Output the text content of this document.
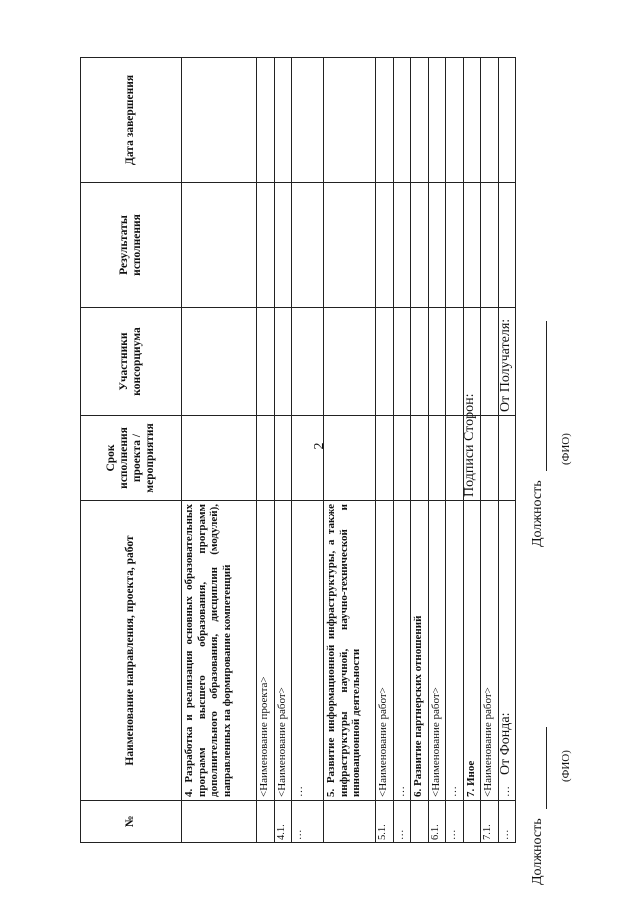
2
№	Наименование направления, проекта, работ	Срок исполнения проекта / мероприятия	Участники консорциума	Результаты исполнения	Дата завершения
	4. Разработка и реализация основных образовательных программ высшего образования, программ дополнительного образования, дисциплин (модулей), направленных на формирование компетенций				
	<Наименование проекта>				
4.1.	<Наименование работ>				
…	…				
	5. Развитие информационной инфраструктуры, а также инфраструктуры научной, научно-технической и инновационной деятельности				
5.1.	<Наименование работ>				
…	…				
	6. Развитие партнерских отношений				
6.1.	<Наименование работ>				
…	…				
	7. Иное				
7.1.	<Наименование работ>				
…	…				
Подписи Сторон:
От Фонда:
От Получателя:
Должность
(ФИО)
Должность
(ФИО)
